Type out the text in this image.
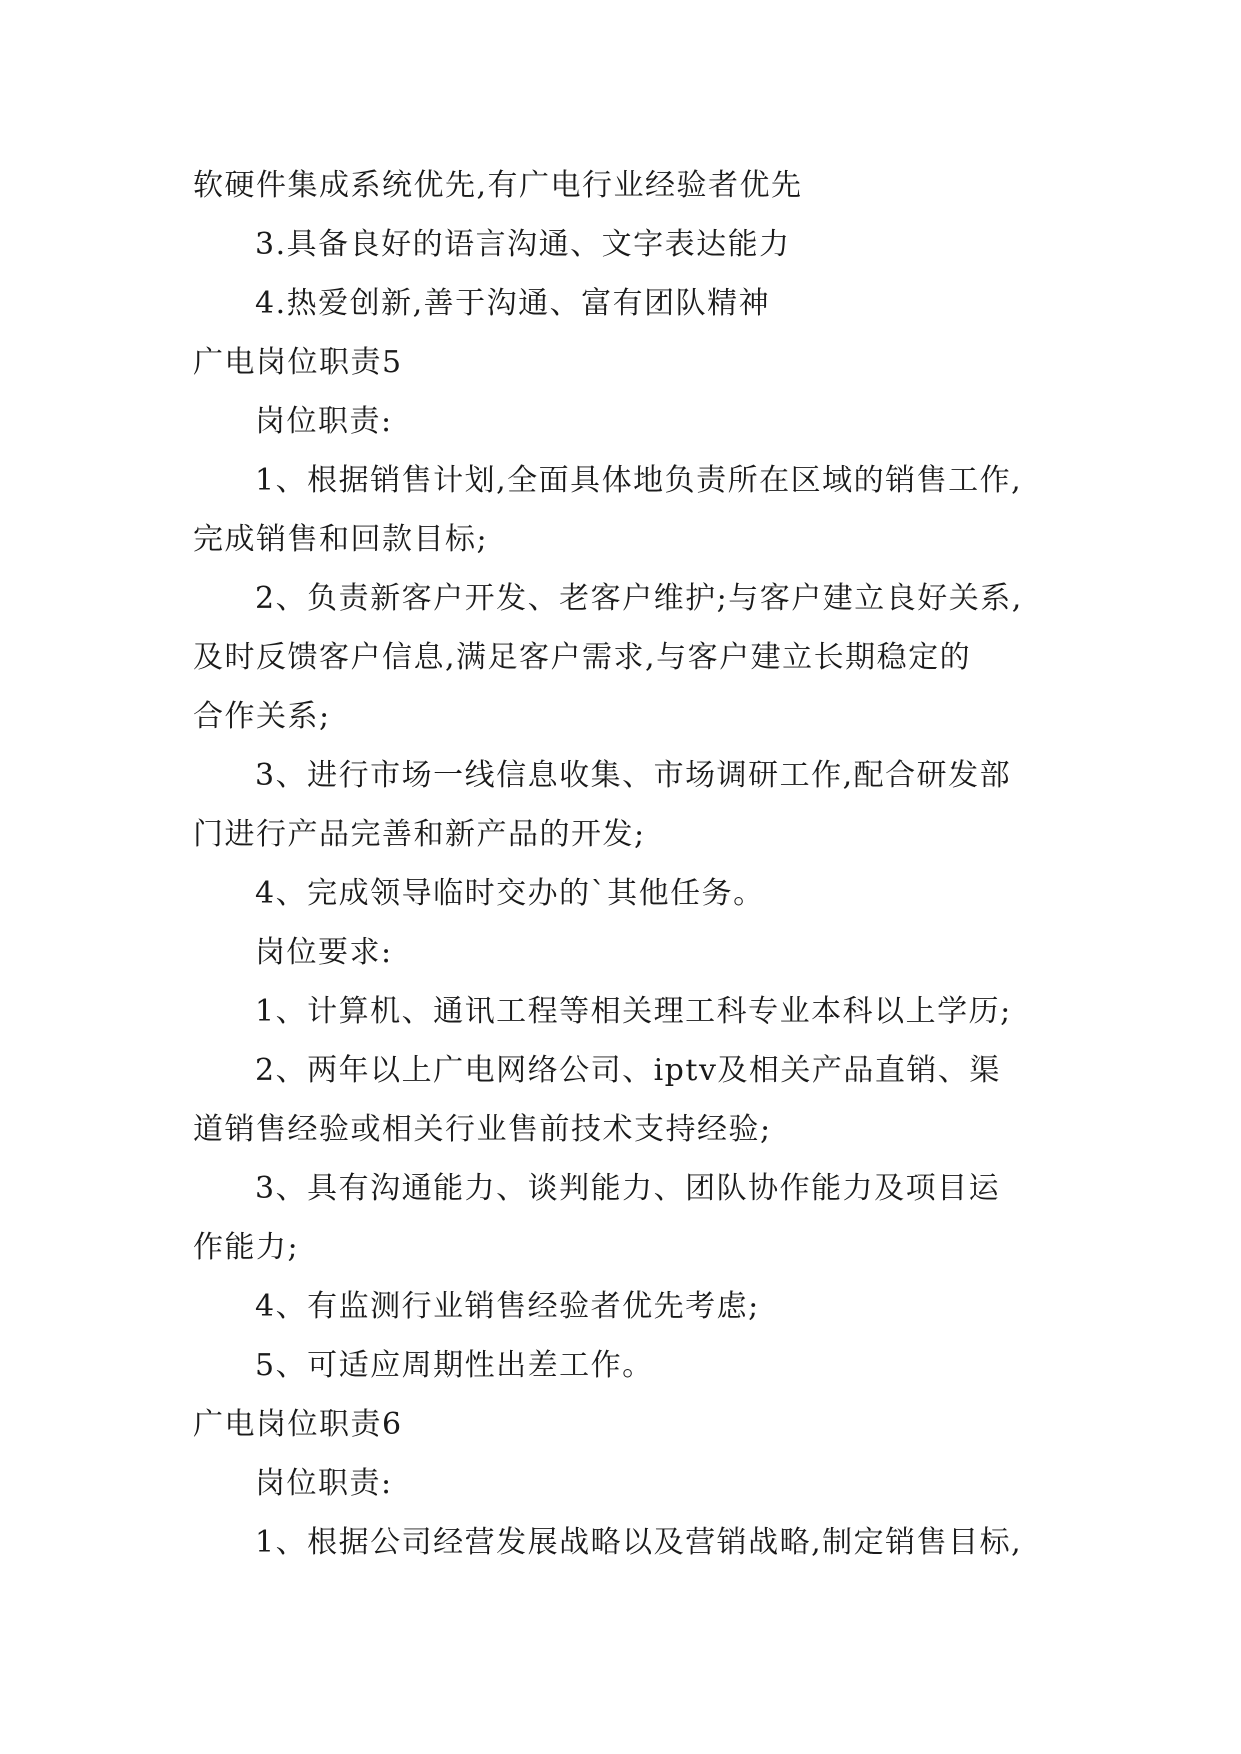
软硬件集成系统优先,有广电行业经验者优先
3.具备良好的语言沟通、文字表达能力
4.热爱创新,善于沟通、富有团队精神
广电岗位职责5
岗位职责:
1、根据销售计划,全面具体地负责所在区域的销售工作,
完成销售和回款目标;
2、负责新客户开发、老客户维护;与客户建立良好关系,
及时反馈客户信息,满足客户需求,与客户建立长期稳定的
合作关系;
3、进行市场一线信息收集、市场调研工作,配合研发部
门进行产品完善和新产品的开发;
4、完成领导临时交办的`其他任务。
岗位要求:
1、计算机、通讯工程等相关理工科专业本科以上学历;
2、两年以上广电网络公司、iptv及相关产品直销、渠
道销售经验或相关行业售前技术支持经验;
3、具有沟通能力、谈判能力、团队协作能力及项目运
作能力;
4、有监测行业销售经验者优先考虑;
5、可适应周期性出差工作。
广电岗位职责6
岗位职责:
1、根据公司经营发展战略以及营销战略,制定销售目标,
